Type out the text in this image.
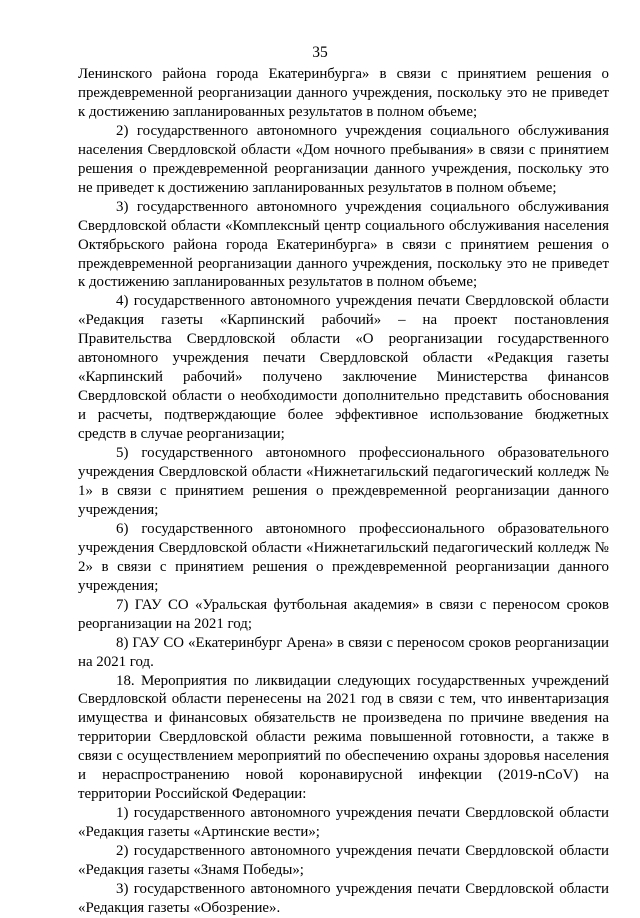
35

Ленинского района города Екатеринбурга» в связи с принятием решения о преждевременной реорганизации данного учреждения, поскольку это не приведет к достижению запланированных результатов в полном объеме;

2) государственного автономного учреждения социального обслуживания населения Свердловской области «Дом ночного пребывания» в связи с принятием решения о преждевременной реорганизации данного учреждения, поскольку это не приведет к достижению запланированных результатов в полном объеме;

3) государственного автономного учреждения социального обслуживания Свердловской области «Комплексный центр социального обслуживания населения Октябрьского района города Екатеринбурга» в связи с принятием решения о преждевременной реорганизации данного учреждения, поскольку это не приведет к достижению запланированных результатов в полном объеме;

4) государственного автономного учреждения печати Свердловской области «Редакция газеты «Карпинский рабочий» – на проект постановления Правительства Свердловской области «О реорганизации государственного автономного учреждения печати Свердловской области «Редакция газеты «Карпинский рабочий» получено заключение Министерства финансов Свердловской области о необходимости дополнительно представить обоснования и расчеты, подтверждающие более эффективное использование бюджетных средств в случае реорганизации;

5) государственного автономного профессионального образовательного учреждения Свердловской области «Нижнетагильский педагогический колледж № 1» в связи с принятием решения о преждевременной реорганизации данного учреждения;

6) государственного автономного профессионального образовательного учреждения Свердловской области «Нижнетагильский педагогический колледж № 2» в связи с принятием решения о преждевременной реорганизации данного учреждения;

7) ГАУ СО «Уральская футбольная академия» в связи с переносом сроков реорганизации на 2021 год;

8) ГАУ СО «Екатеринбург Арена» в связи с переносом сроков реорганизации на 2021 год.

18. Мероприятия по ликвидации следующих государственных учреждений Свердловской области перенесены на 2021 год в связи с тем, что инвентаризация имущества и финансовых обязательств не произведена по причине введения на территории Свердловской области режима повышенной готовности, а также в связи с осуществлением мероприятий по обеспечению охраны здоровья населения и нераспространению новой коронавирусной инфекции (2019-nCoV) на территории Российской Федерации:

1) государственного автономного учреждения печати Свердловской области «Редакция газеты «Артинские вести»;

2) государственного автономного учреждения печати Свердловской области «Редакция газеты «Знамя Победы»;

3) государственного автономного учреждения печати Свердловской области «Редакция газеты «Обозрение».
